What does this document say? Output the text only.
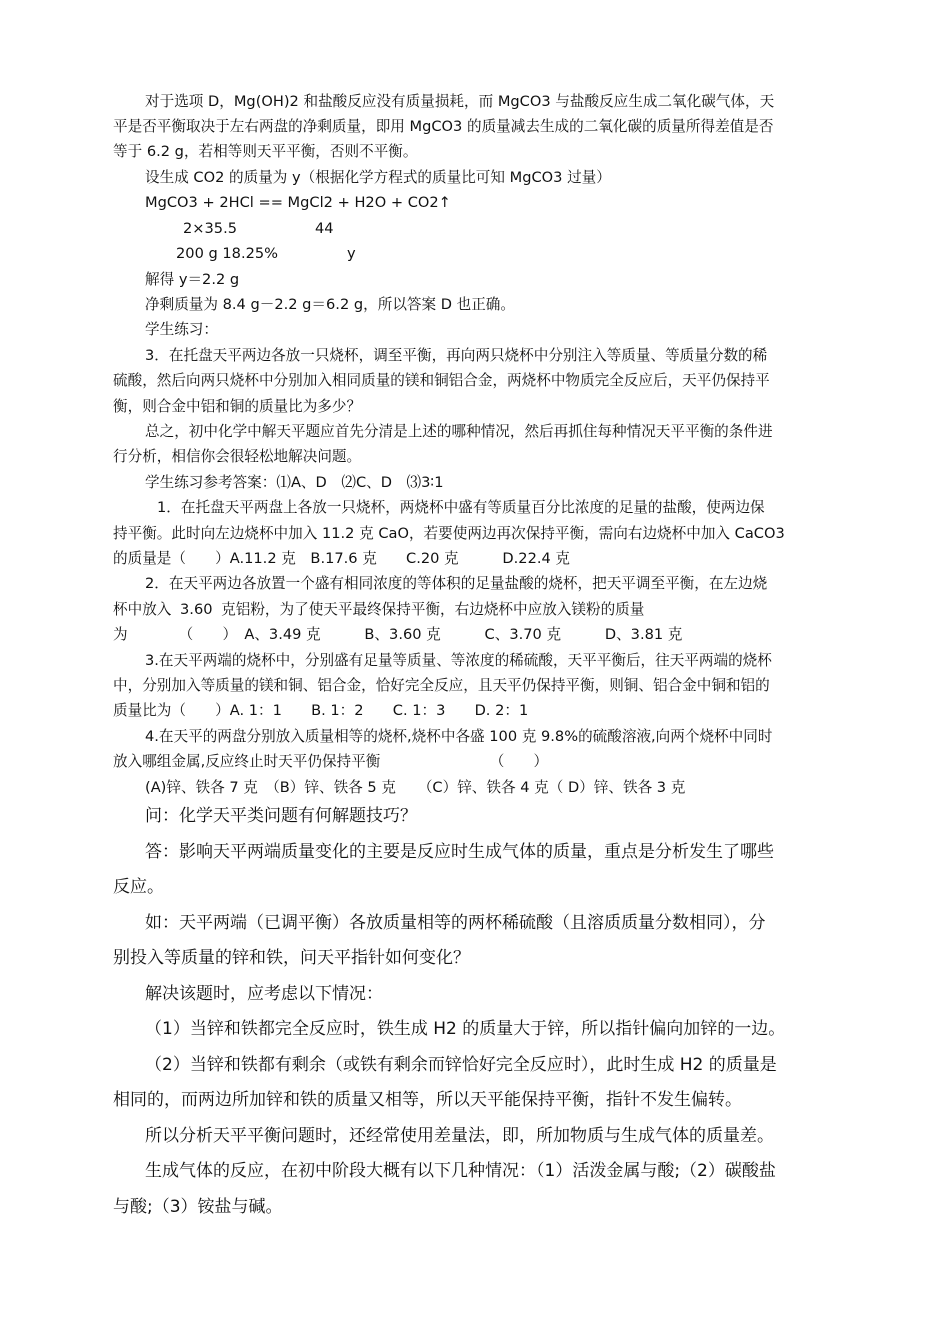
对于选项 D，Mg(OH)2 和盐酸反应没有质量损耗，而 MgCO3 与盐酸反应生成二氧化碳气体，天
平是否平衡取决于左右两盘的净剩质量，即用 MgCO3 的质量减去生成的二氧化碳的质量所得差值是否
等于 6.2 g，若相等则天平平衡，否则不平衡。
设生成 CO2 的质量为 y（根据化学方程式的质量比可知 MgCO3 过量）
MgCO3 + 2HCl == MgCl2 + H2O + CO2↑
2×35.5	44
200 g 18.25%	y
解得 y＝2.2 g
净剩质量为 8.4 g－2.2 g＝6.2 g，所以答案 D 也正确。
学生练习：
3．在托盘天平两边各放一只烧杯，调至平衡，再向两只烧杯中分别注入等质量、等质量分数的稀
硫酸，然后向两只烧杯中分别加入相同质量的镁和铜铝合金，两烧杯中物质完全反应后，天平仍保持平
衡，则合金中铝和铜的质量比为多少？
总之，初中化学中解天平题应首先分清是上述的哪种情况，然后再抓住每种情况天平平衡的条件进
行分析，相信你会很轻松地解决问题。
学生练习参考答案：⑴A、D　⑵C、D　⑶3∶1
1．在托盘天平两盘上各放一只烧杯，两烧杯中盛有等质量百分比浓度的足量的盐酸，使两边保
持平衡。此时向左边烧杯中加入 11.2 克 CaO，若要使两边再次保持平衡，需向右边烧杯中加入 CaCO3
的质量是（　　）A.11.2 克　B.17.6 克　　C.20 克　　　D.22.4 克
2．在天平两边各放置一个盛有相同浓度的等体积的足量盐酸的烧杯，把天平调至平衡，在左边烧
杯中放入 3.60 克铝粉，为了使天平最终保持平衡，右边烧杯中应放入镁粉的质量
为　　　　（　　）　A、3.49 克　　　B、3.60 克　　　C、3.70 克　　　D、3.81 克
3.在天平两端的烧杯中，分别盛有足量等质量、等浓度的稀硫酸，天平平衡后，往天平两端的烧杯
中，分别加入等质量的镁和铜、铝合金，恰好完全反应，且天平仍保持平衡，则铜、铝合金中铜和铝的
质量比为（　　）A. 1：1　　B. 1：2　　C. 1：3　　D. 2：1
4.在天平的两盘分别放入质量相等的烧杯,烧杯中各盛 100 克 9.8%的硫酸溶液,向两个烧杯中同时
放入哪组金属,反应终止时天平仍保持平衡　　　　　　　　（　　）
(A)锌、铁各 7 克　（B）锌、铁各 5 克　　（C）锌、铁各 4 克（ D）锌、铁各 3 克
问：化学天平类问题有何解题技巧？
答：影响天平两端质量变化的主要是反应时生成气体的质量，重点是分析发生了哪些
反应。
如：天平两端（已调平衡）各放质量相等的两杯稀硫酸（且溶质质量分数相同），分
别投入等质量的锌和铁，问天平指针如何变化？
解决该题时，应考虑以下情况：
（1）当锌和铁都完全反应时，铁生成 H2 的质量大于锌，所以指针偏向加锌的一边。
（2）当锌和铁都有剩余（或铁有剩余而锌恰好完全反应时），此时生成 H2 的质量是
相同的，而两边所加锌和铁的质量又相等，所以天平能保持平衡，指针不发生偏转。
所以分析天平平衡问题时，还经常使用差量法，即，所加物质与生成气体的质量差。
生成气体的反应，在初中阶段大概有以下几种情况：（1）活泼金属与酸;（2）碳酸盐
与酸;（3）铵盐与碱。
